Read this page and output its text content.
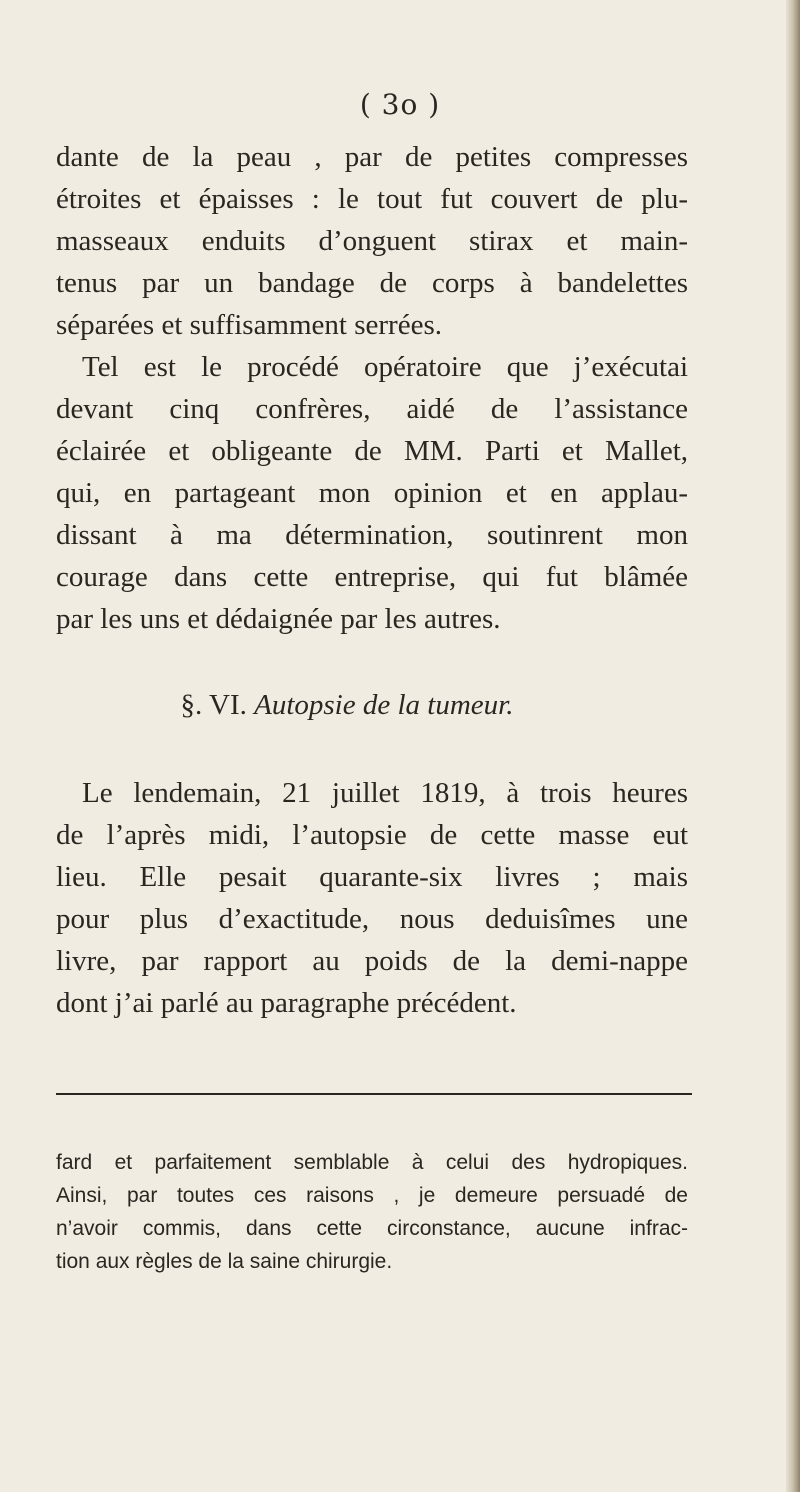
( 3o )
dante de la peau , par de petites compresses
étroites et épaisses : le tout fut couvert de plu-
masseaux enduits d’onguent stirax et main-
tenus par un bandage de corps à bandelettes
séparées et suffisamment serrées.
Tel est le procédé opératoire que j’exécutai
devant cinq confrères, aidé de l’assistance
éclairée et obligeante de MM. Parti et Mallet,
qui, en partageant mon opinion et en applau-
dissant à ma détermination, soutinrent mon
courage dans cette entreprise, qui fut blâmée
par les uns et dédaignée par les autres.
§. VI. Autopsie de la tumeur.
Le lendemain, 21 juillet 1819, à trois heures
de l’après midi, l’autopsie de cette masse eut
lieu. Elle pesait quarante-six livres ; mais
pour plus d’exactitude, nous deduisîmes une
livre, par rapport au poids de la demi-nappe
dont j’ai parlé au paragraphe précédent.
fard et parfaitement semblable à celui des hydropiques.
Ainsi, par toutes ces raisons , je demeure persuadé de
n’avoir commis, dans cette circonstance, aucune infrac-
tion aux règles de la saine chirurgie.
